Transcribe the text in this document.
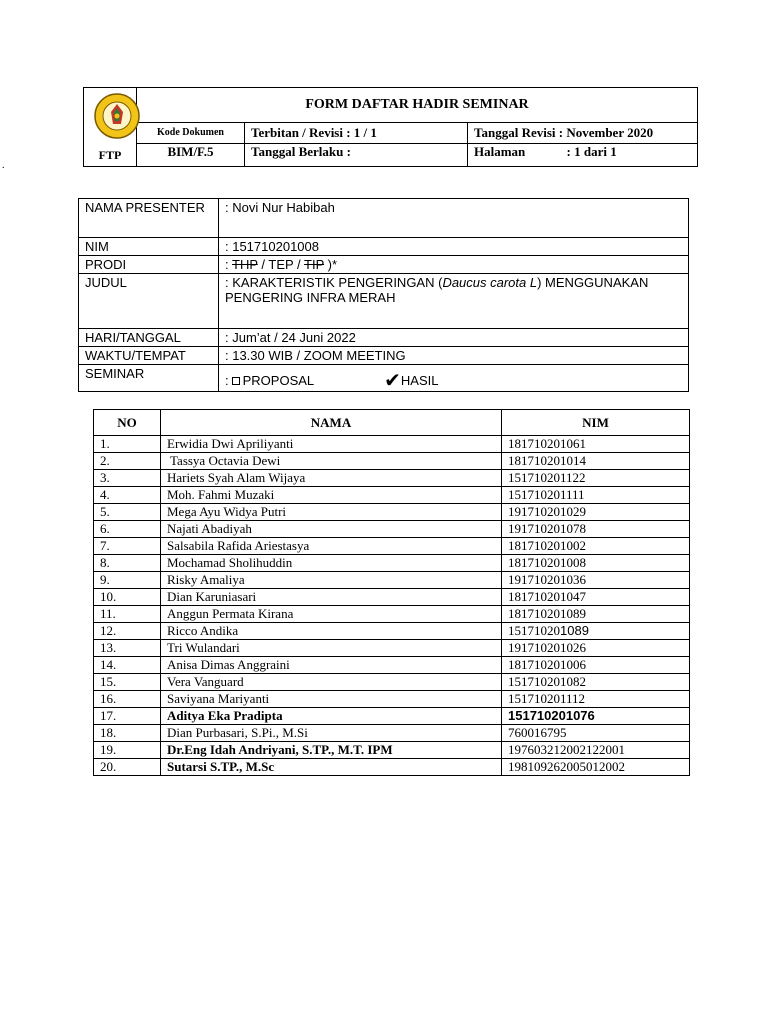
.
FTP	FORM DAFTAR HADIR SEMINAR		
	Kode Dokumen	Terbitan / Revisi : 1 / 1	Tanggal Revisi : November 2020
	BIM/F.5	Tanggal Berlaku :	Halaman : 1 dari 1
NAMA PRESENTER	: Novi Nur Habibah
NIM	: 151710201008
PRODI	: THP / TEP / TIP )*
JUDUL	: KARAKTERISTIK PENGERINGAN (Daucus carota L) MENGGUNAKAN PENGERING INFRA MERAH
HARI/TANGGAL	: Jum’at / 24 Juni 2022
WAKTU/TEMPAT	: 13.30 WIB / ZOOM MEETING
SEMINAR	: PROPOSAL ✔HASIL
NO	NAMA	NIM
1.	Erwidia Dwi Apriliyanti	181710201061
2.	Tassya Octavia Dewi	181710201014
3.	Hariets Syah Alam Wijaya	151710201122
4.	Moh. Fahmi Muzaki	151710201111
5.	Mega Ayu Widya Putri	191710201029
6.	Najati Abadiyah	191710201078
7.	Salsabila Rafida Ariestasya	181710201002
8.	Mochamad Sholihuddin	181710201008
9.	Risky Amaliya	191710201036
10.	Dian Karuniasari	181710201047
11.	Anggun Permata Kirana	181710201089
12.	Ricco Andika	151710201089
13.	Tri Wulandari	191710201026
14.	Anisa Dimas Anggraini	181710201006
15.	Vera Vanguard	151710201082
16.	Saviyana Mariyanti	151710201112
17.	Aditya Eka Pradipta	151710201076
18.	Dian Purbasari, S.Pi., M.Si	760016795
19.	Dr.Eng Idah Andriyani, S.TP., M.T. IPM	197603212002122001
20.	Sutarsi S.TP., M.Sc	198109262005012002
